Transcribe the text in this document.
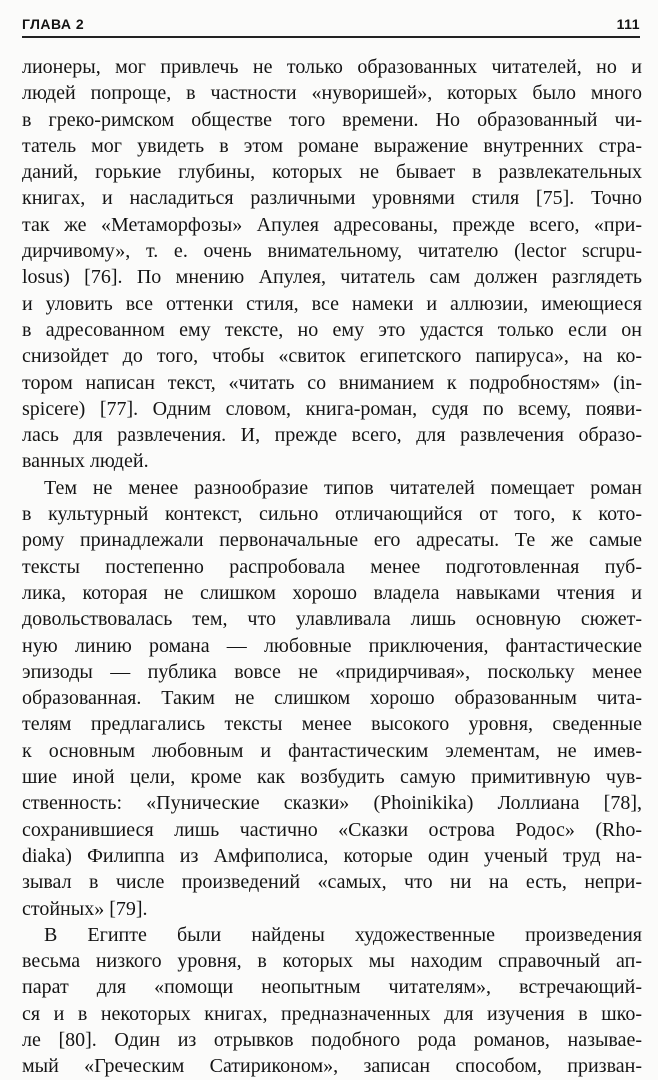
ГЛАВА 2	111
лионеры, мог привлечь не только образованных читателей, но и
людей попроще, в частности «нуворишей», которых было много
в греко-римском обществе того времени. Но образованный чи-
татель мог увидеть в этом романе выражение внутренних стра-
даний, горькие глубины, которых не бывает в развлекательных
книгах, и насладиться различными уровнями стиля [75]. Точно
так же «Метаморфозы» Апулея адресованы, прежде всего, «при-
дирчивому», т. е. очень внимательному, читателю (lector scrupu-
losus) [76]. По мнению Апулея, читатель сам должен разглядеть
и уловить все оттенки стиля, все намеки и аллюзии, имеющиеся
в адресованном ему тексте, но ему это удастся только если он
снизойдет до того, чтобы «свиток египетского папируса», на ко-
тором написан текст, «читать со вниманием к подробностям» (in-
spicere) [77]. Одним словом, книга-роман, судя по всему, появи-
лась для развлечения. И, прежде всего, для развлечения образо-
ванных людей.
Тем не менее разнообразие типов читателей помещает роман
в культурный контекст, сильно отличающийся от того, к кото-
рому принадлежали первоначальные его адресаты. Те же самые
тексты постепенно распробовала менее подготовленная пуб-
лика, которая не слишком хорошо владела навыками чтения и
довольствовалась тем, что улавливала лишь основную сюжет-
ную линию романа — любовные приключения, фантастические
эпизоды — публика вовсе не «придирчивая», поскольку менее
образованная. Таким не слишком хорошо образованным чита-
телям предлагались тексты менее высокого уровня, сведенные
к основным любовным и фантастическим элементам, не имев-
шие иной цели, кроме как возбудить самую примитивную чув-
ственность: «Пунические сказки» (Phoinikika) Лоллиана [78],
сохранившиеся лишь частично «Сказки острова Родос» (Rho-
diaka) Филиппа из Амфиполиса, которые один ученый труд на-
зывал в числе произведений «самых, что ни на есть, непри-
стойных» [79].
В Египте были найдены художественные произведения
весьма низкого уровня, в которых мы находим справочный ап-
парат для «помощи неопытным читателям», встречающий-
ся и в некоторых книгах, предназначенных для изучения в шко-
ле [80]. Один из отрывков подобного рода романов, называе-
мый «Греческим Сатириконом», записан способом, призван-
